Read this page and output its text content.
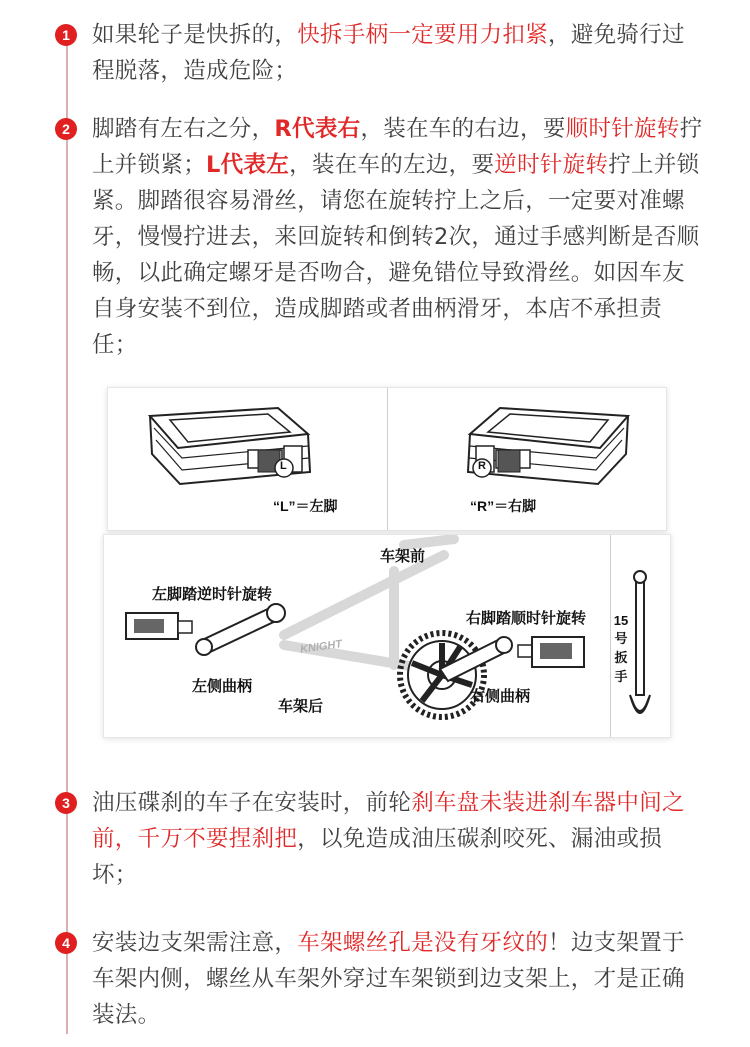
1 如果轮子是快拆的，快拆手柄一定要用力扣紧，避免骑行过程脱落，造成危险；
2 脚踏有左右之分，R代表右，装在车的右边，要顺时针旋转拧上并锁紧；L代表左，装在车的左边，要逆时针旋转拧上并锁紧。脚踏很容易滑丝，请您在旋转拧上之后，一定要对准螺牙，慢慢拧进去，来回旋转和倒转2次，通过手感判断是否顺畅，以此确定螺牙是否吻合，避免错位导致滑丝。如因车友自身安装不到位，造成脚踏或者曲柄滑牙，本店不承担责任；
L	R
“L”＝左脚	“R”＝右脚
车架前
左脚踏逆时针旋转
右脚踏顺时针旋转
左侧曲柄
车架后
右侧曲柄
KNIGHT
15
号
扳
手
3 油压碟刹的车子在安装时，前轮刹车盘未装进刹车器中间之前，千万不要捏刹把，以免造成油压碳刹咬死、漏油或损坏；
4 安装边支架需注意，车架螺丝孔是没有牙纹的！边支架置于车架内侧，螺丝从车架外穿过车架锁到边支架上，才是正确装法。
